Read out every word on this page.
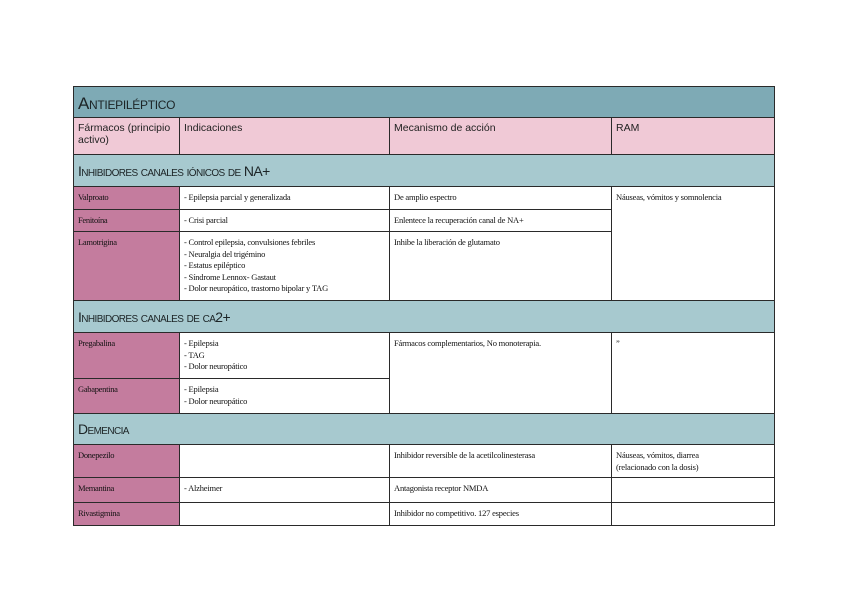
Antiepiléptico			
Fármacos (principio activo)	Indicaciones	Mecanismo de acción	RAM
Inhibidores canales iónicos de NA+			
Valproato	- Epilepsia parcial y generalizada	De amplio espectro	Náuseas, vómitos y somnolencia
Fenitoína	- Crisi parcial	Enlentece la recuperación canal de NA+	
Lamotrigina	- Control epilepsia, convulsiones febriles
- Neuralgia del trigémino
- Estatus epiléptico
- Síndrome Lennox- Gastaut
- Dolor neuropático, trastorno bipolar y TAG	Inhibe la liberación de glutamato	
Inhibidores canales de ca2+			
Pregabalina	- Epilepsia
- TAG
- Dolor neuropático	Fármacos complementarios, No monoterapia.	”
Gabapentina	- Epilepsia
- Dolor neuropático		

Demencia			
Donepezilo		Inhibidor reversible de la acetilcolinesterasa	Náuseas, vómitos, diarrea
(relacionado con la dosis)

Memantina	- Alzheimer	Antagonista receptor NMDA	
Rivastigmina		Inhibidor no competitivo. 127 especies	
